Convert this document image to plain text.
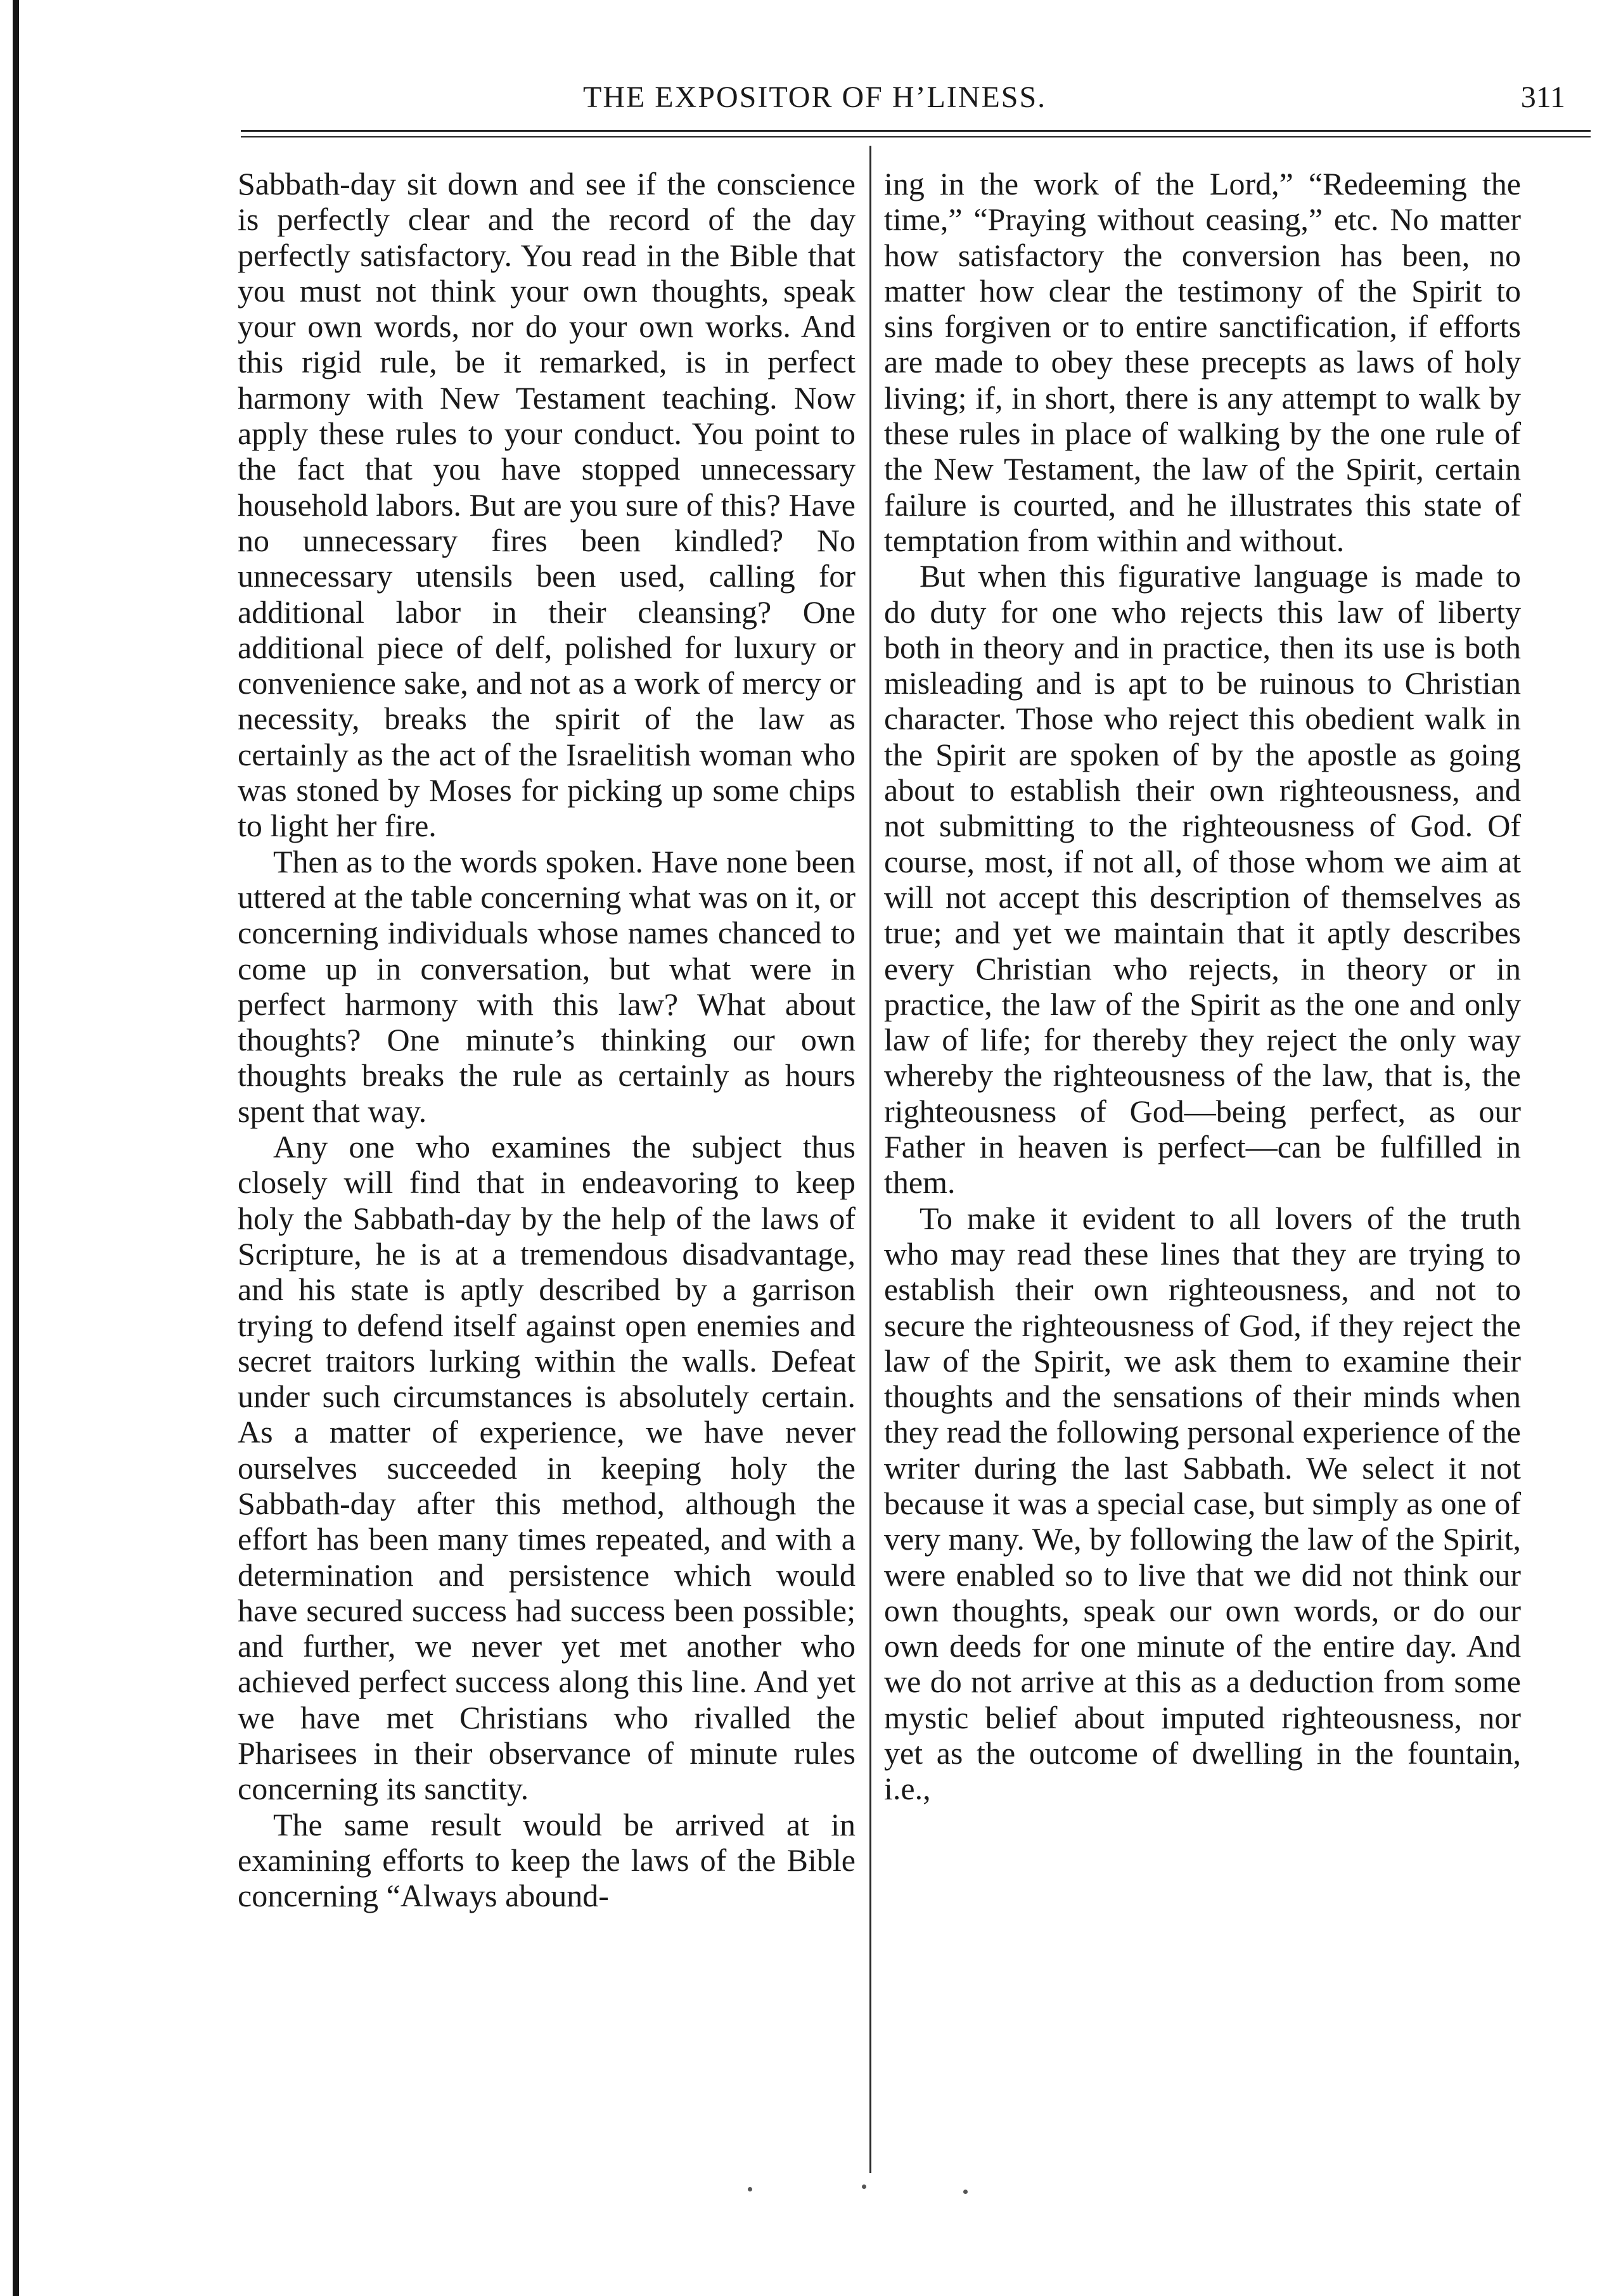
THE EXPOSITOR OF H’LINESS.	311

Sabbath-day sit down and see if the conscience is perfectly clear and the record of the day perfectly satisfactory. You read in the Bible that you must not think your own thoughts, speak your own words, nor do your own works. And this rigid rule, be it remarked, is in perfect harmony with New Testament teaching. Now apply these rules to your conduct. You point to the fact that you have stopped unnecessary household labors. But are you sure of this? Have no unnecessary fires been kindled? No unnecessary utensils been used, calling for additional labor in their cleansing? One additional piece of delf, polished for luxury or convenience sake, and not as a work of mercy or necessity, breaks the spirit of the law as certainly as the act of the Israelitish woman who was stoned by Moses for picking up some chips to light her fire.

Then as to the words spoken. Have none been uttered at the table concerning what was on it, or concerning individuals whose names chanced to come up in conversation, but what were in perfect harmony with this law? What about thoughts? One minute’s thinking our own thoughts breaks the rule as certainly as hours spent that way.

Any one who examines the subject thus closely will find that in endeavoring to keep holy the Sabbath-day by the help of the laws of Scripture, he is at a tremendous disadvantage, and his state is aptly described by a garrison trying to defend itself against open enemies and secret traitors lurking within the walls. Defeat under such circumstances is absolutely certain. As a matter of experience, we have never ourselves succeeded in keeping holy the Sabbath-day after this method, although the effort has been many times repeated, and with a determination and persistence which would have secured success had success been possible; and further, we never yet met another who achieved perfect success along this line. And yet we have met Christians who rivalled the Pharisees in their observance of minute rules concerning its sanctity.

The same result would be arrived at in examining efforts to keep the laws of the Bible concerning “Always abound-

ing in the work of the Lord,” “Redeeming the time,” “Praying without ceasing,” etc. No matter how satisfactory the conversion has been, no matter how clear the testimony of the Spirit to sins forgiven or to entire sanctification, if efforts are made to obey these precepts as laws of holy living; if, in short, there is any attempt to walk by these rules in place of walking by the one rule of the New Testament, the law of the Spirit, certain failure is courted, and he illustrates this state of temptation from within and without.

But when this figurative language is made to do duty for one who rejects this law of liberty both in theory and in practice, then its use is both misleading and is apt to be ruinous to Christian character. Those who reject this obedient walk in the Spirit are spoken of by the apostle as going about to establish their own righteousness, and not submitting to the righteousness of God. Of course, most, if not all, of those whom we aim at will not accept this description of themselves as true; and yet we maintain that it aptly describes every Christian who rejects, in theory or in practice, the law of the Spirit as the one and only law of life; for thereby they reject the only way whereby the righteousness of the law, that is, the righteousness of God—being perfect, as our Father in heaven is perfect—can be fulfilled in them.

To make it evident to all lovers of the truth who may read these lines that they are trying to establish their own righteousness, and not to secure the righteousness of God, if they reject the law of the Spirit, we ask them to examine their thoughts and the sensations of their minds when they read the following personal experience of the writer during the last Sabbath. We select it not because it was a special case, but simply as one of very many. We, by following the law of the Spirit, were enabled so to live that we did not think our own thoughts, speak our own words, or do our own deeds for one minute of the entire day. And we do not arrive at this as a deduction from some mystic belief about imputed righteousness, nor yet as the outcome of dwelling in the fountain, i.e.,
